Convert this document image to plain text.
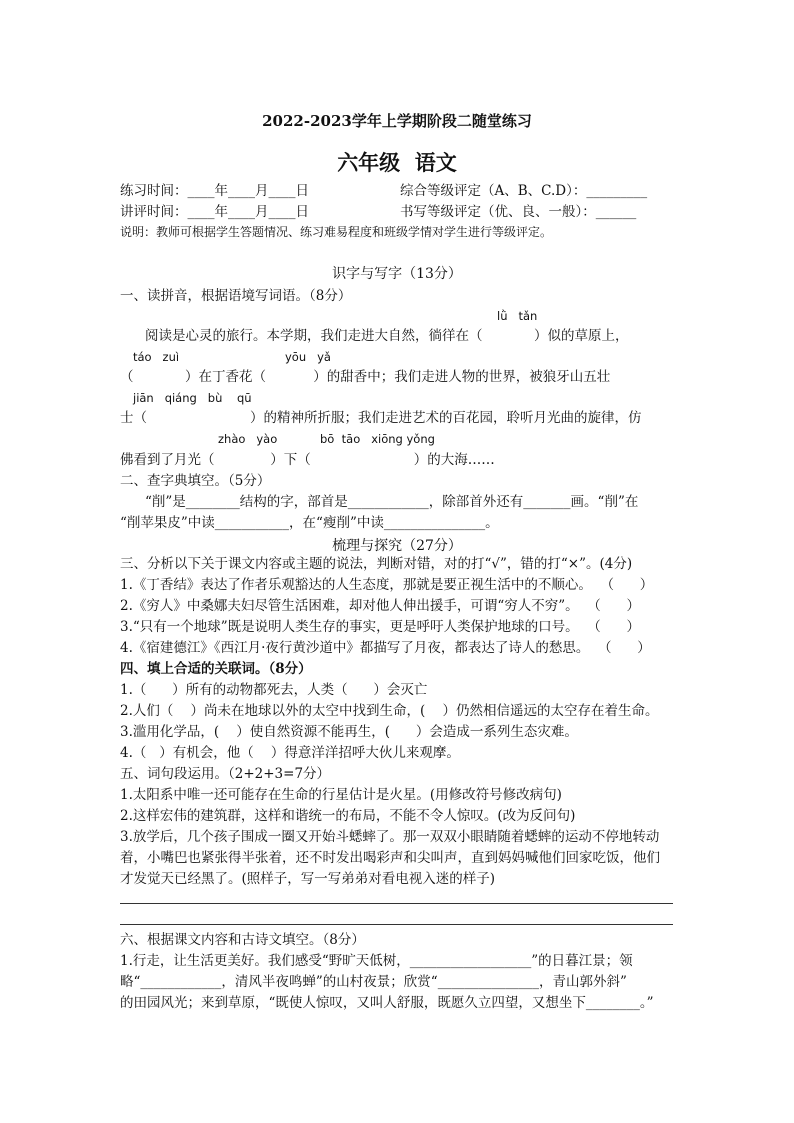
2022-2023学年上学期阶段二随堂练习
六年级  语文
练习时间：____年____月____日	综合等级评定（A、B、C.D）：_________
讲评时间：____年____月____日	书写等级评定（优、良、一般）：______
说明：教师可根据学生答题情况、练习难易程度和班级学情对学生进行等级评定。
识字与写字（13分）
一、读拼音，根据语境写词语。（8分）
lǜ   tǎn
阅读是心灵的旅行。本学期，我们走进大自然，徜徉在（            ）似的草原上，
táo   zuì	yōu   yǎ
（            ）在丁香花（           ）的甜香中；我们走进人物的世界，被狼牙山五壮
jiān   qiáng   bù    qū
士（                        ）的精神所折服；我们走进艺术的百花园，聆听月光曲的旋律，仿
zhào   yào	bō  tāo   xiōng yǒng
佛看到了月光（             ）下（                        ）的大海……
二、查字典填空。（5分）
“削”是________结构的字，部首是____________，除部首外还有_______画。“削”在
“削苹果皮”中读___________，在“瘦削”中读_______________。
梳理与探究（27分）
三、分析以下关于课文内容或主题的说法，判断对错，对的打“√”，错的打“×”。(4分)
1.《丁香结》表达了作者乐观豁达的人生态度，那就是要正视生活中的不顺心。  （      ）
2.《穷人》中桑娜夫妇尽管生活困难，却对他人伸出援手，可谓“穷人不穷”。  （      ）
3.“只有一个地球”既是说明人类生存的事实，更是呼吁人类保护地球的口号。  （      ）
4.《宿建德江》《西江月·夜行黄沙道中》都描写了月夜，都表达了诗人的愁思。  （      ）
四、填上合适的关联词。（8分）
1.（      ）所有的动物都死去，人类（      ）会灭亡
2.人们（    ）尚未在地球以外的太空中找到生命，(    ）仍然相信遥远的太空存在着生命。
3.滥用化学品，(    ）使自然资源不能再生，(      ）会造成一系列生态灾难。
4.（   ）有机会，他（    ）得意洋洋招呼大伙儿来观摩。
五、词句段运用。（2+2+3=7分）
1.太阳系中唯一还可能存在生命的行星估计是火星。(用修改符号修改病句)
2.这样宏伟的建筑群，这样和谐统一的布局，不能不令人惊叹。(改为反问句)
3.放学后，几个孩子围成一圈又开始斗蟋蟀了。那一双双小眼睛随着蟋蟀的运动不停地转动
着，小嘴巴也紧张得半张着，还不时发出喝彩声和尖叫声，直到妈妈喊他们回家吃饭，他们
才发觉天已经黑了。(照样子，写一写弟弟对看电视入迷的样子)
六、根据课文内容和古诗文填空。（8分）
1.行走，让生活更美好。我们感受“野旷天低树，__________________”的日暮江景；领
略“____________，清风半夜鸣蝉”的山村夜景；欣赏“_______________，青山郭外斜”
的田园风光；来到草原，“既使人惊叹，又叫人舒服，既愿久立四望，又想坐下________。”
